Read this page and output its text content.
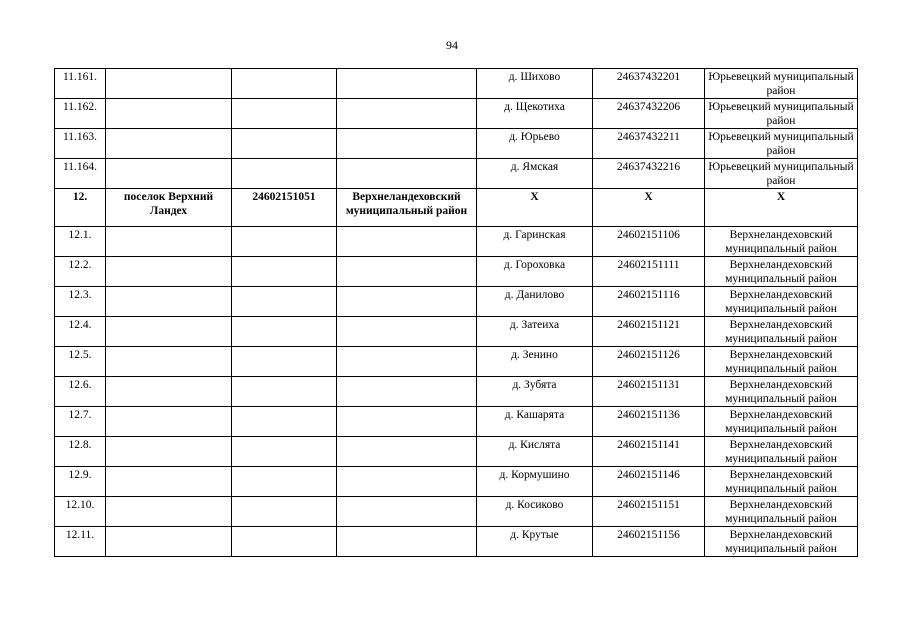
94
11.161.				д. Шихово	24637432201	Юрьевецкий муниципальный район
11.162.				д. Щекотиха	24637432206	Юрьевецкий муниципальный район
11.163.				д. Юрьево	24637432211	Юрьевецкий муниципальный район
11.164.				д. Ямская	24637432216	Юрьевецкий муниципальный район
12.	поселок Верхний Ландех	24602151051	Верхнеландеховский муниципальный район	Х	Х	Х
12.1.				д. Гаринская	24602151106	Верхнеландеховский муниципальный район
12.2.				д. Гороховка	24602151111	Верхнеландеховский муниципальный район
12.3.				д. Данилово	24602151116	Верхнеландеховский муниципальный район
12.4.				д. Затеиха	24602151121	Верхнеландеховский муниципальный район
12.5.				д. Зенино	24602151126	Верхнеландеховский муниципальный район
12.6.				д. Зубята	24602151131	Верхнеландеховский муниципальный район
12.7.				д. Кашарята	24602151136	Верхнеландеховский муниципальный район
12.8.				д. Кислята	24602151141	Верхнеландеховский муниципальный район
12.9.				д. Кормушино	24602151146	Верхнеландеховский муниципальный район
12.10.				д. Косиково	24602151151	Верхнеландеховский муниципальный район
12.11.				д. Крутые	24602151156	Верхнеландеховский муниципальный район
